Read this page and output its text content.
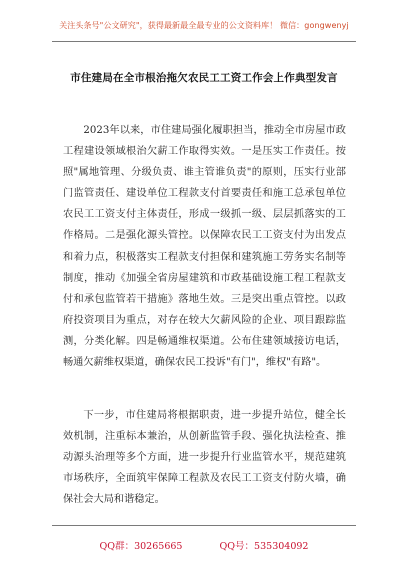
关注头条号"公文研究"，获得最新最全最专业的公文资料库！ 微信：gongwenyj
市住建局在全市根治拖欠农民工工资工作会上作典型发言

2023年以来，市住建局强化履职担当，推动全市房屋市政工程建设领域根治欠薪工作取得实效。一是压实工作责任。按照"属地管理、分级负责、谁主管谁负责"的原则，压实行业部门监管责任、建设单位工程款支付首要责任和施工总承包单位农民工工资支付主体责任，形成一级抓一级、层层抓落实的工作格局。二是强化源头管控。以保障农民工工资支付为出发点和着力点，积极落实工程款支付担保和建筑施工劳务实名制等制度，推动《加强全省房屋建筑和市政基础设施工程工程款支付和承包监管若干措施》落地生效。三是突出重点管控。以政府投资项目为重点，对存在较大欠薪风险的企业、项目跟踪监测，分类化解。四是畅通维权渠道。公布住建领域接访电话，畅通欠薪维权渠道，确保农民工投诉"有门"，维权"有路"。

下一步，市住建局将根据职责，进一步提升站位，健全长效机制，注重标本兼治，从创新监管手段、强化执法检查、推动源头治理等多个方面，进一步提升行业监管水平，规范建筑市场秩序，全面筑牢保障工程款及农民工工资支付防火墙，确保社会大局和谐稳定。

QQ群：30265665	QQ号：535304092
